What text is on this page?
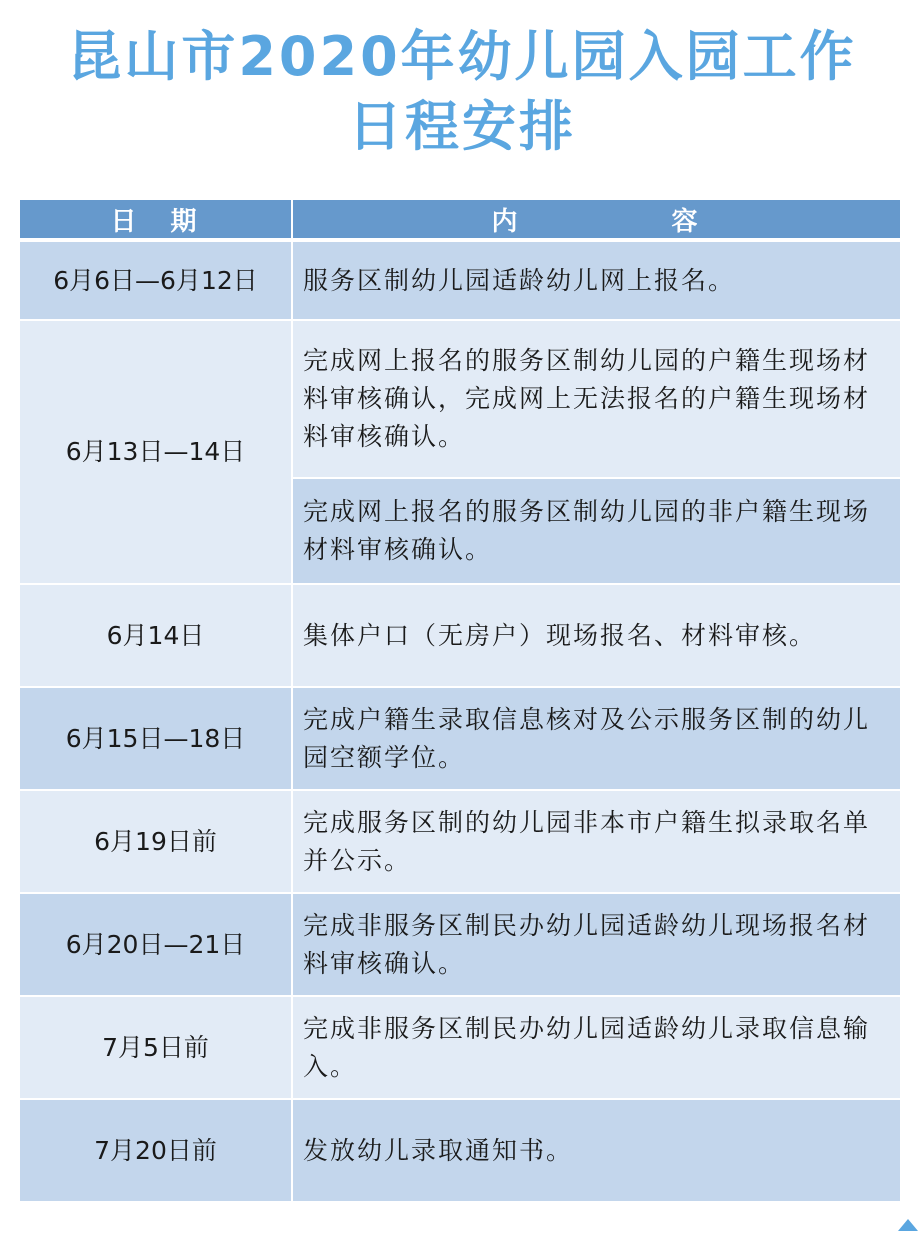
昆山市2020年幼儿园入园工作
日程安排
日　期	内　　　　　容
6月6日—6月12日	服务区制幼儿园适龄幼儿网上报名。
6月13日—14日	完成网上报名的服务区制幼儿园的户籍生现场材料审核确认，完成网上无法报名的户籍生现场材料审核确认。
	完成网上报名的服务区制幼儿园的非户籍生现场材料审核确认。
6月14日	集体户口（无房户）现场报名、材料审核。
6月15日—18日	完成户籍生录取信息核对及公示服务区制的幼儿园空额学位。
6月19日前	完成服务区制的幼儿园非本市户籍生拟录取名单并公示。
6月20日—21日	完成非服务区制民办幼儿园适龄幼儿现场报名材料审核确认。
7月5日前	完成非服务区制民办幼儿园适龄幼儿录取信息输入。
7月20日前	发放幼儿录取通知书。
